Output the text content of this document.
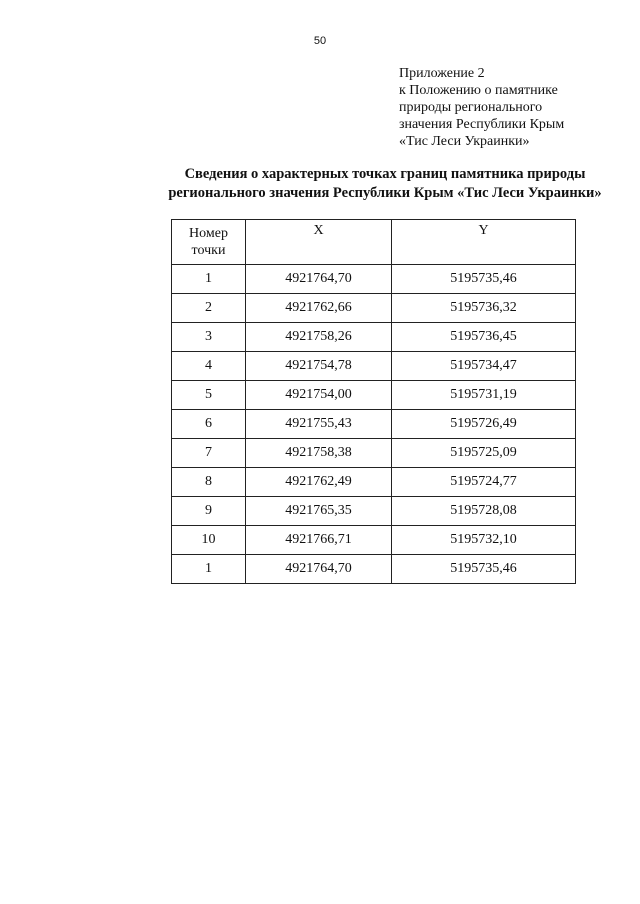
50
Приложение 2
к Положению о памятнике
природы регионального
значения Республики Крым
«Тис Леси Украинки»
Сведения о характерных точках границ памятника природы
регионального значения Республики Крым «Тис Леси Украинки»
Номер
точки	X	Y
1	4921764,70	5195735,46
2	4921762,66	5195736,32
3	4921758,26	5195736,45
4	4921754,78	5195734,47
5	4921754,00	5195731,19
6	4921755,43	5195726,49
7	4921758,38	5195725,09
8	4921762,49	5195724,77
9	4921765,35	5195728,08
10	4921766,71	5195732,10
1	4921764,70	5195735,46
